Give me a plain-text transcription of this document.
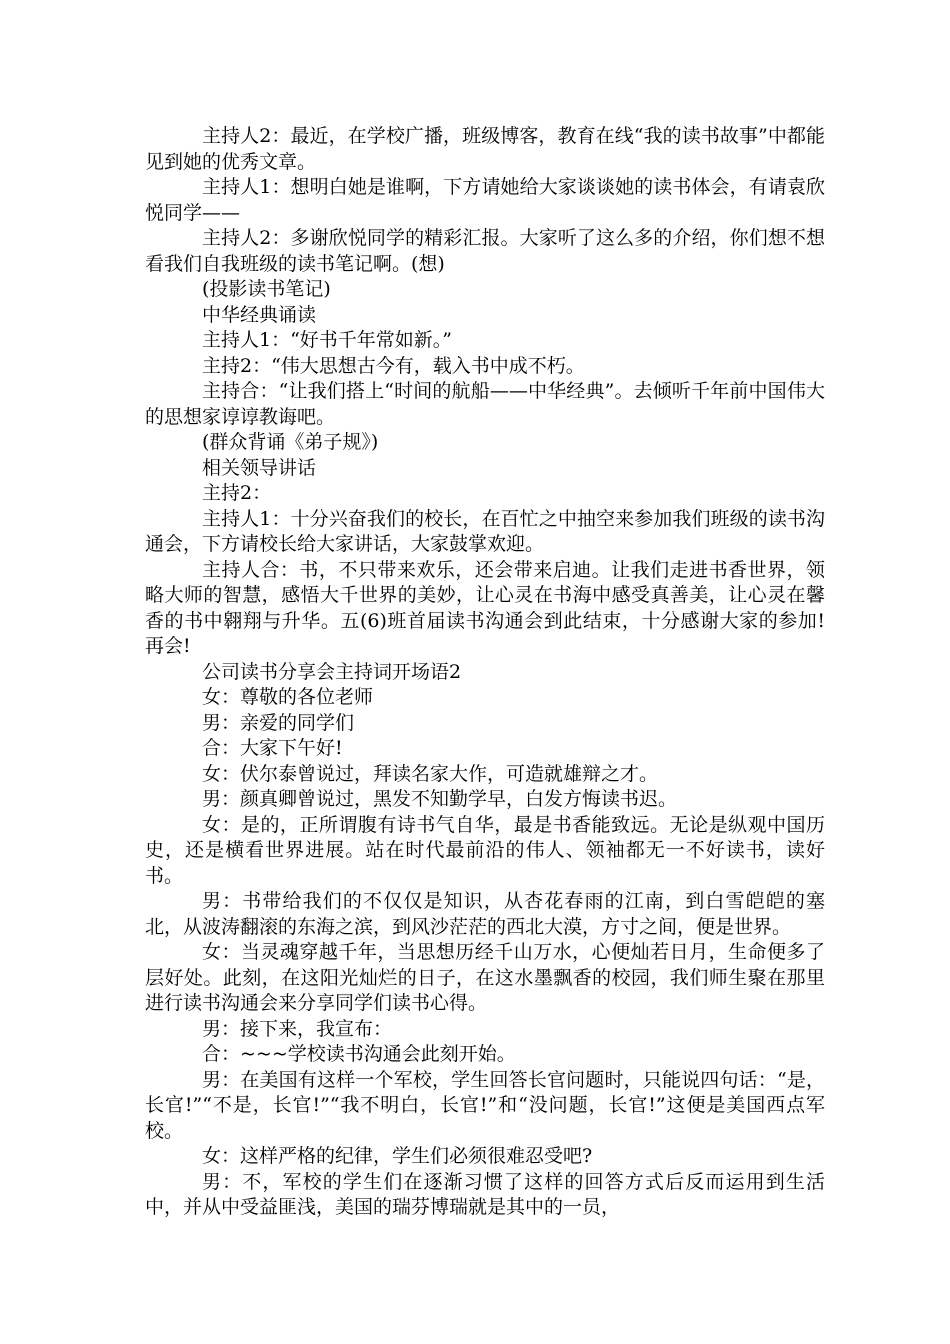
主持人2：最近，在学校广播，班级博客，教育在线“我的读书故事”中都能见到她的优秀文章。

主持人1：想明白她是谁啊，下方请她给大家谈谈她的读书体会，有请袁欣悦同学——

主持人2：多谢欣悦同学的精彩汇报。大家听了这么多的介绍，你们想不想看我们自我班级的读书笔记啊。(想)

(投影读书笔记)

中华经典诵读

主持人1：“好书千年常如新。”

主持2：“伟大思想古今有，载入书中成不朽。

主持合：“让我们搭上“时间的航船——中华经典”。去倾听千年前中国伟大的思想家谆谆教诲吧。

(群众背诵《弟子规》)

相关领导讲话

主持2：

主持人1：十分兴奋我们的校长，在百忙之中抽空来参加我们班级的读书沟通会，下方请校长给大家讲话，大家鼓掌欢迎。

主持人合：书，不只带来欢乐，还会带来启迪。让我们走进书香世界，领略大师的智慧，感悟大千世界的美妙，让心灵在书海中感受真善美，让心灵在馨香的书中翱翔与升华。五(6)班首届读书沟通会到此结束，十分感谢大家的参加!再会!

公司读书分享会主持词开场语2

女：尊敬的各位老师

男：亲爱的同学们

合：大家下午好!

女：伏尔泰曾说过，拜读名家大作，可造就雄辩之才。

男：颜真卿曾说过，黑发不知勤学早，白发方悔读书迟。

女：是的，正所谓腹有诗书气自华，最是书香能致远。无论是纵观中国历史，还是横看世界进展。站在时代最前沿的伟人、领袖都无一不好读书，读好书。

男：书带给我们的不仅仅是知识，从杏花春雨的江南，到白雪皑皑的塞北，从波涛翻滚的东海之滨，到风沙茫茫的西北大漠，方寸之间，便是世界。

女：当灵魂穿越千年，当思想历经千山万水，心便灿若日月，生命便多了层好处。此刻，在这阳光灿烂的日子，在这水墨飘香的校园，我们师生聚在那里进行读书沟通会来分享同学们读书心得。

男：接下来，我宣布：

合：~~~学校读书沟通会此刻开始。

男：在美国有这样一个军校，学生回答长官问题时，只能说四句话：“是，长官!”“不是，长官!”“我不明白，长官!”和“没问题，长官!”这便是美国西点军校。

女：这样严格的纪律，学生们必须很难忍受吧?

男：不，军校的学生们在逐渐习惯了这样的回答方式后反而运用到生活中，并从中受益匪浅，美国的瑞芬博瑞就是其中的一员，
